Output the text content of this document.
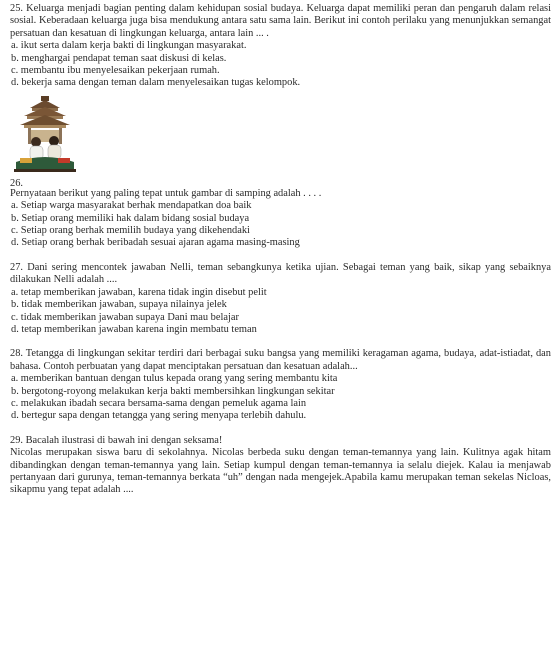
25. Keluarga menjadi bagian penting dalam kehidupan sosial budaya. Keluarga dapat memiliki peran dan pengaruh dalam relasi sosial. Keberadaan keluarga juga bisa mendukung antara satu sama lain. Berikut ini contoh perilaku yang menunjukkan semangat persatuan dan kesatuan di lingkungan keluarga, antara lain ... .

a. ikut serta dalam kerja bakti di lingkungan masyarakat.

b. menghargai pendapat teman saat diskusi di kelas.

c. membantu ibu menyelesaikan pekerjaan rumah.

d. bekerja sama dengan teman dalam menyelesaikan tugas kelompok.

26.

Pernyataan berikut yang paling tepat untuk gambar di samping adalah . . . .

a. Setiap warga masyarakat berhak mendapatkan doa baik

b. Setiap orang memiliki hak dalam bidang sosial budaya

c. Setiap orang berhak memilih budaya yang dikehendaki

d. Setiap orang berhak beribadah sesuai ajaran agama masing-masing

27. Dani sering mencontek jawaban Nelli, teman sebangkunya ketika ujian. Sebagai teman yang baik, sikap yang sebaiknya dilakukan Nelli adalah ....

a. tetap memberikan jawaban, karena tidak ingin disebut pelit

b. tidak memberikan jawaban, supaya nilainya jelek

c. tidak memberikan jawaban supaya Dani mau belajar

d. tetap memberikan jawaban karena ingin membatu teman

28. Tetangga di lingkungan sekitar terdiri dari berbagai suku bangsa yang memiliki keragaman agama, budaya, adat-istiadat, dan bahasa. Contoh perbuatan yang dapat menciptakan persatuan dan kesatuan adalah...

a. memberikan bantuan dengan tulus kepada orang yang sering membantu kita

b. bergotong-royong melakukan kerja bakti membersihkan lingkungan sekitar

c. melakukan ibadah secara bersama-sama dengan pemeluk agama lain

d. bertegur sapa dengan tetangga yang sering menyapa terlebih dahulu.

29. Bacalah ilustrasi di bawah ini dengan seksama!

Nicolas merupakan siswa baru di sekolahnya. Nicolas berbeda suku dengan teman-temannya yang lain. Kulitnya agak hitam dibandingkan dengan teman-temannya yang lain. Setiap kumpul dengan teman-temannya ia selalu diejek. Kalau ia menjawab pertanyaan dari gurunya, teman-temannya berkata “uh” dengan nada mengejek.Apabila kamu merupakan teman sekelas Nicloas, sikapmu yang tepat adalah ....
